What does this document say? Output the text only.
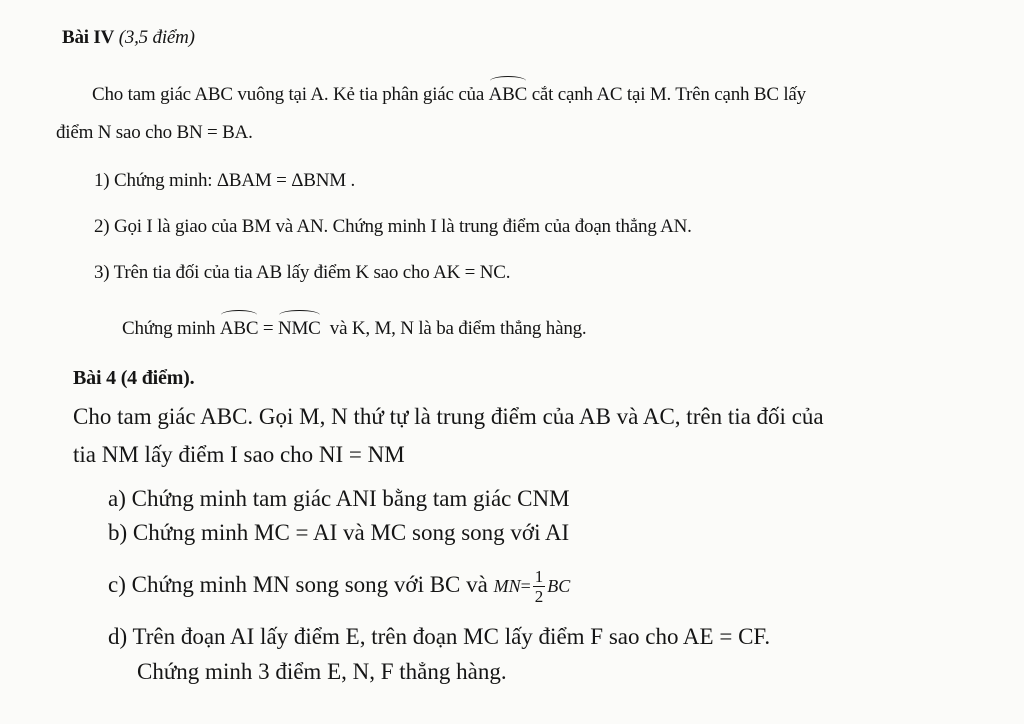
Bài IV (3,5 điểm)
Cho tam giác ABC vuông tại A. Kẻ tia phân giác của ABC cắt cạnh AC tại M. Trên cạnh BC lấy
điểm N sao cho BN = BA.
1) Chứng minh: ΔBAM = ΔBNM .
2) Gọi I là giao của BM và AN. Chứng minh I là trung điểm của đoạn thẳng AN.
3) Trên tia đối của tia AB lấy điểm K sao cho AK = NC.
Chứng minh ABC = NMC và K, M, N là ba điểm thẳng hàng.
Bài 4 (4 điểm).
Cho tam giác ABC. Gọi M, N thứ tự là trung điểm của AB và AC, trên tia đối của
tia NM lấy điểm I sao cho NI = NM
a) Chứng minh tam giác ANI bằng tam giác CNM
b) Chứng minh MC = AI và MC song song với AI
c) Chứng minh MN song song với BC và $MN= \frac{1}{2}$ BC
d) Trên đoạn AI lấy điểm E, trên đoạn MC lấy điểm F sao cho AE = CF.
Chứng minh 3 điểm E, N, F thẳng hàng.
